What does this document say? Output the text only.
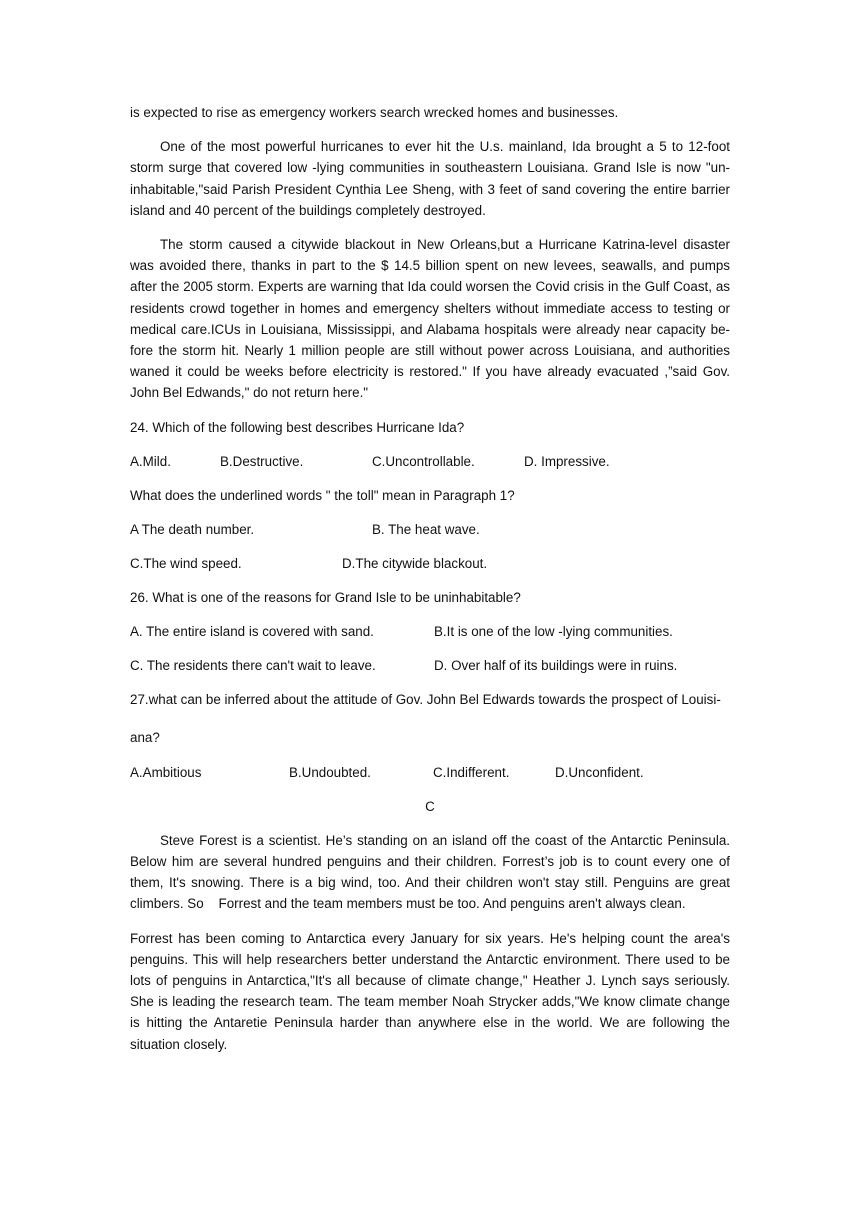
is expected to rise as emergency workers search wrecked homes and businesses.

One of the most powerful hurricanes to ever hit the U.s. mainland, Ida brought a 5 to 12-foot storm surge that covered low -lying communities in southeastern Louisiana. Grand Isle is now "un- inhabitable,"said Parish President Cynthia Lee Sheng, with 3 feet of sand covering the entire barrier island and 40 percent of the buildings completely destroyed.

The storm caused a citywide blackout in New Orleans,but a Hurricane Katrina-level disaster was avoided there, thanks in part to the $ 14.5 billion spent on new levees, seawalls, and pumps after the 2005 storm. Experts are warning that Ida could worsen the Covid crisis in the Gulf Coast, as residents crowd together in homes and emergency shelters without immediate access to testing or medical care.ICUs in Louisiana, Mississippi, and Alabama hospitals were already near capacity be- fore the storm hit. Nearly 1 million people are still without power across Louisiana, and authorities waned it could be weeks before electricity is restored." If you have already evacuated ,”said Gov. John Bel Edwands," do not return here."

24. Which of the following best describes Hurricane Ida?

A.Mild.	B.Destructive.	C.Uncontrollable.	D. Impressive.

What does the underlined words " the toll" mean in Paragraph 1?

A The death number.	B. The heat wave.
C.The wind speed.	D.The citywide blackout.

26. What is one of the reasons for Grand Isle to be uninhabitable?

A. The entire island is covered with sand.	B.It is one of the low -lying communities.
C. The residents there can't wait to leave.	D. Over half of its buildings were in ruins.

27.what can be inferred about the attitude of Gov. John Bel Edwards towards the prospect of Louisi-

ana?

A.Ambitious	B.Undoubted.	C.Indifferent.	D.Unconfident.

C

Steve Forest is a scientist. He’s standing on an island off the coast of the Antarctic Peninsula. Below him are several hundred penguins and their children. Forrest’s job is to count every one of them, It's snowing. There is a big wind, too. And their children won't stay still. Penguins are great climbers. So    Forrest and the team members must be too. And penguins aren't always clean.

Forrest has been coming to Antarctica every January for six years. He's helping count the area's penguins. This will help researchers better understand the Antarctic environment. There used to be lots of penguins in Antarctica,"It's all because of climate change," Heather J. Lynch says seriously. She is leading the research team. The team member Noah Strycker adds,"We know climate change is hitting the Antaretie Peninsula harder than anywhere else in the world. We are following the situation closely.
